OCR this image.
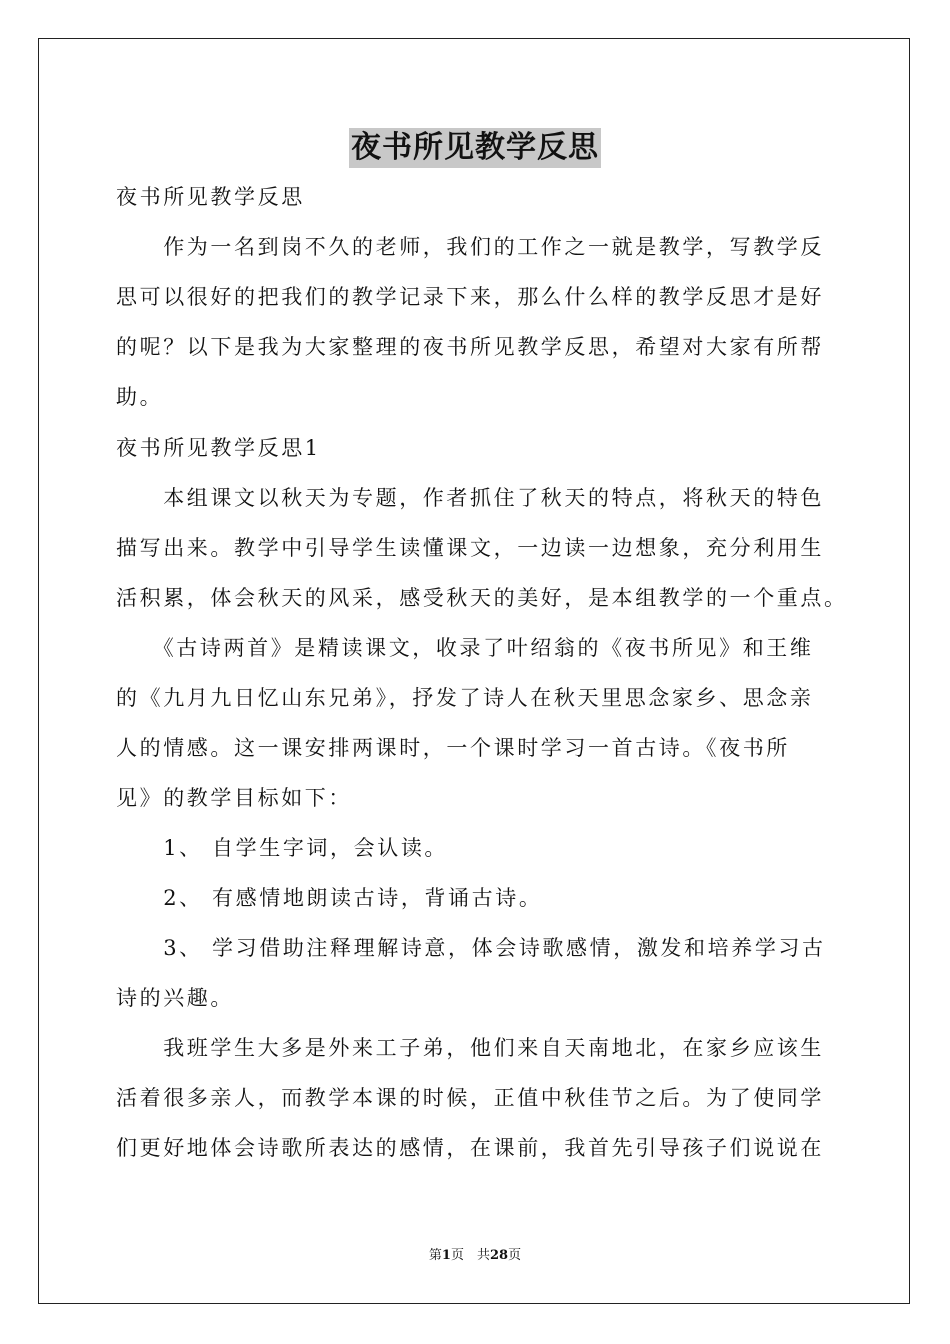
夜书所见教学反思
夜书所见教学反思
　　作为一名到岗不久的老师，我们的工作之一就是教学，写教学反
思可以很好的把我们的教学记录下来，那么什么样的教学反思才是好
的呢？以下是我为大家整理的夜书所见教学反思，希望对大家有所帮
助。
夜书所见教学反思1
　　本组课文以秋天为专题，作者抓住了秋天的特点，将秋天的特色
描写出来。教学中引导学生读懂课文，一边读一边想象，充分利用生
活积累，体会秋天的风采，感受秋天的美好，是本组教学的一个重点。
　　《古诗两首》是精读课文，收录了叶绍翁的《夜书所见》和王维
的《九月九日忆山东兄弟》，抒发了诗人在秋天里思念家乡、思念亲
人的情感。这一课安排两课时，一个课时学习一首古诗。《夜书所
见》的教学目标如下：
　　1、 自学生字词，会认读。
　　2、 有感情地朗读古诗，背诵古诗。
　　3、 学习借助注释理解诗意，体会诗歌感情，激发和培养学习古
诗的兴趣。
　　我班学生大多是外来工子弟，他们来自天南地北，在家乡应该生
活着很多亲人，而教学本课的时候，正值中秋佳节之后。为了使同学
们更好地体会诗歌所表达的感情，在课前，我首先引导孩子们说说在
第1页　 共28页
